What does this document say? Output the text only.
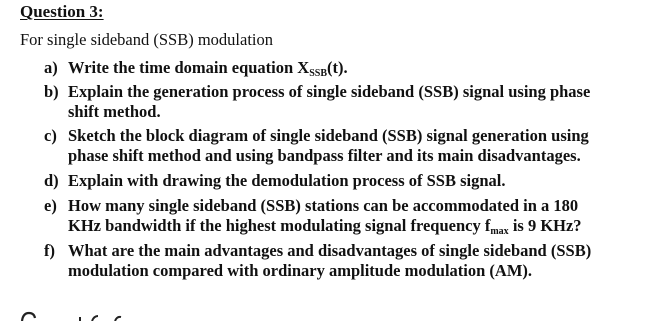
Question 3:
For single sideband (SSB) modulation
a) Write the time domain equation $X_{SSB}(t)$.
b) Explain the generation process of single sideband (SSB) signal using phase
shift method.
c) Sketch the block diagram of single sideband (SSB) signal generation using
phase shift method and using bandpass filter and its main disadvantages.
d) Explain with drawing the demodulation process of SSB signal.
e) How many single sideband (SSB) stations can be accommodated in a 180
KHz bandwidth if the highest modulating signal frequency $f_{max}$ is 9 KHz?
f) What are the main advantages and disadvantages of single sideband (SSB)
modulation compared with ordinary amplitude modulation (AM).
